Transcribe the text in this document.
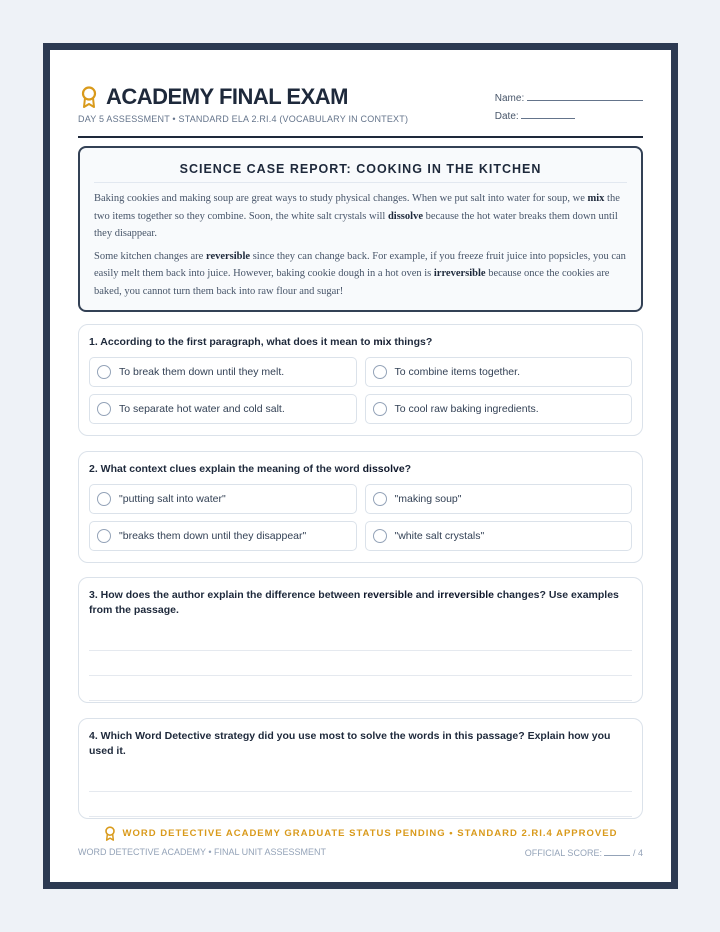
ACADEMY FINAL EXAM
DAY 5 ASSESSMENT • STANDARD ELA 2.RI.4 (VOCABULARY IN CONTEXT)
Name:
Date:
SCIENCE CASE REPORT: COOKING IN THE KITCHEN

Baking cookies and making soup are great ways to study physical changes. When we put salt into water for soup, we mix the two items together so they combine. Soon, the white salt crystals will dissolve because the hot water breaks them down until they disappear.

Some kitchen changes are reversible since they can change back. For example, if you freeze fruit juice into popsicles, you can easily melt them back into juice. However, baking cookie dough in a hot oven is irreversible because once the cookies are baked, you cannot turn them back into raw flour and sugar!

1. According to the first paragraph, what does it mean to mix things?
To break them down until they melt.	To combine items together.
To separate hot water and cold salt.	To cool raw baking ingredients.
2. What context clues explain the meaning of the word dissolve?
"putting salt into water"	"making soup"
"breaks them down until they disappear"	"white salt crystals"
3. How does the author explain the difference between reversible and irreversible changes? Use examples from the passage.
4. Which Word Detective strategy did you use most to solve the words in this passage? Explain how you used it.
WORD DETECTIVE ACADEMY GRADUATE STATUS PENDING • STANDARD 2.RI.4 APPROVED
WORD DETECTIVE ACADEMY • FINAL UNIT ASSESSMENT	OFFICIAL SCORE:	/ 4
